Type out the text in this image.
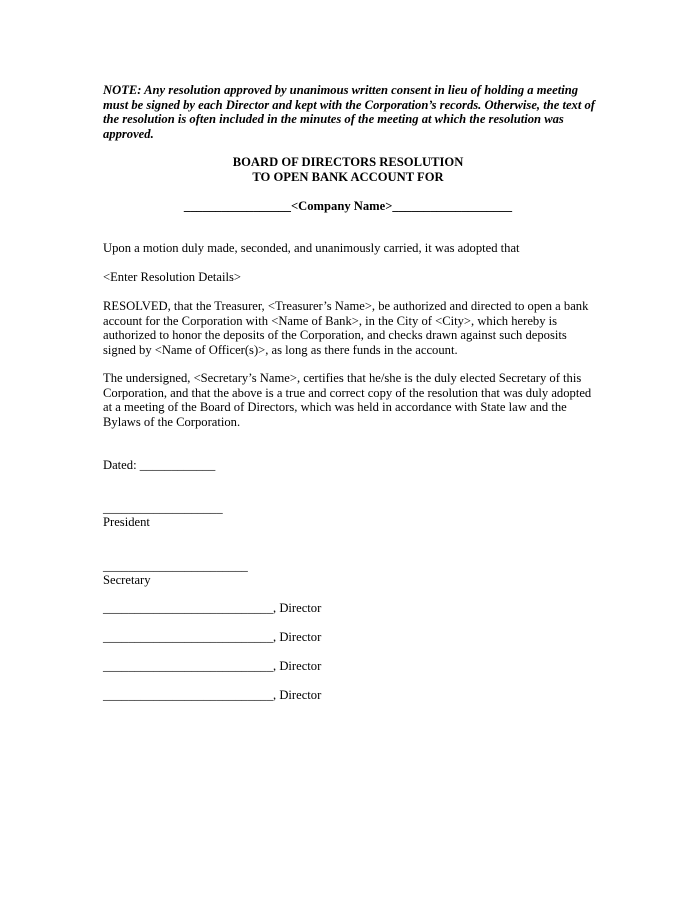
NOTE: Any resolution approved by unanimous written consent in lieu of holding a meeting must be signed by each Director and kept with the Corporation’s records. Otherwise, the text of the resolution is often included in the minutes of the meeting at which the resolution was approved.
BOARD OF DIRECTORS RESOLUTION
TO OPEN BANK ACCOUNT FOR
_________________<Company Name>___________________
Upon a motion duly made, seconded, and unanimously carried, it was adopted that
<Enter Resolution Details>
RESOLVED, that the Treasurer, <Treasurer’s Name>, be authorized and directed to open a bank account for the Corporation with <Name of Bank>, in the City of <City>, which hereby is authorized to honor the deposits of the Corporation, and checks drawn against such deposits signed by <Name of Officer(s)>, as long as there funds in the account.
The undersigned, <Secretary’s Name>, certifies that he/she is the duly elected Secretary of this Corporation, and that the above is a true and correct copy of the resolution that was duly adopted at a meeting of the Board of Directors, which was held in accordance with State law and the Bylaws of the Corporation.
Dated: ____________
___________________
President
_______________________
Secretary
___________________________, Director
___________________________, Director
___________________________, Director
___________________________, Director
